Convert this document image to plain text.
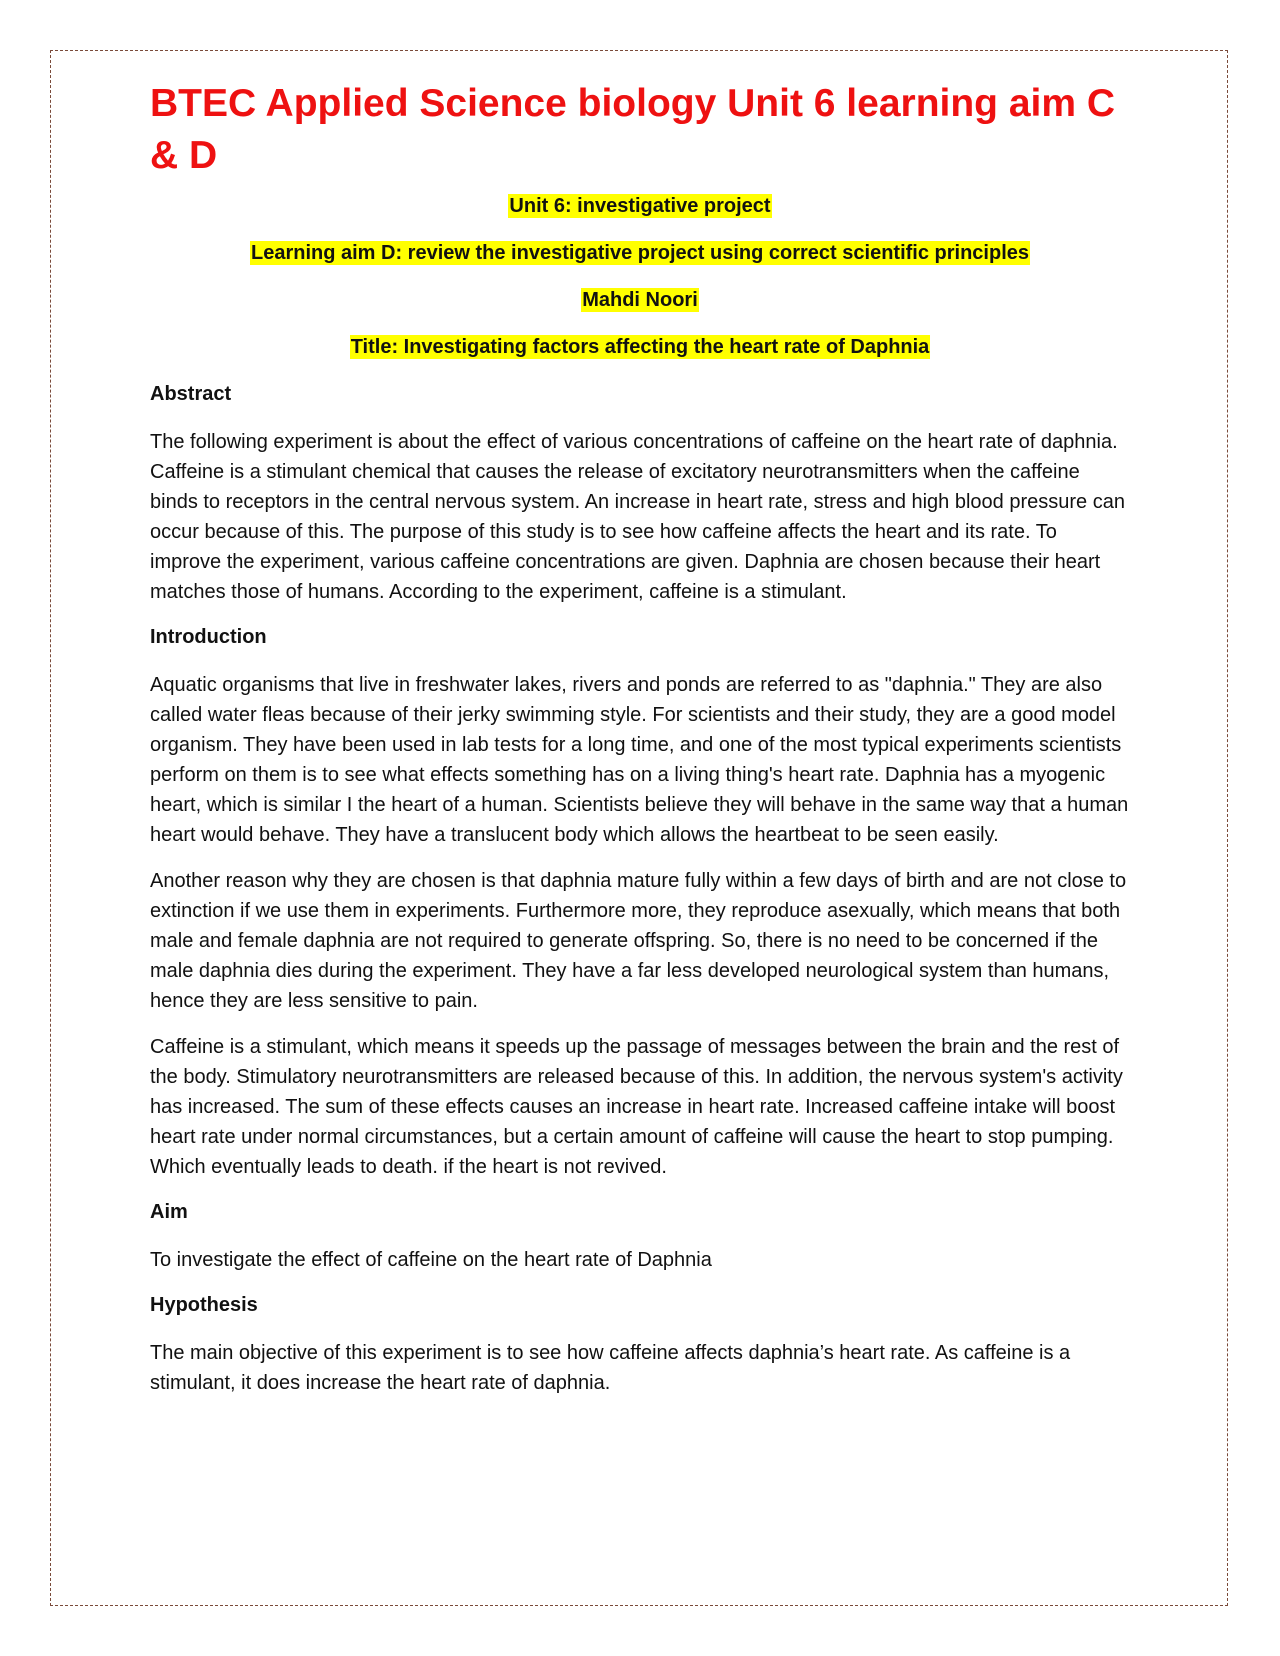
BTEC Applied Science biology Unit 6 learning aim C & D
Unit 6: investigative project
Learning aim D: review the investigative project using correct scientific principles
Mahdi Noori
Title: Investigating factors affecting the heart rate of Daphnia
Abstract

The following experiment is about the effect of various concentrations of caffeine on the heart rate of daphnia. Caffeine is a stimulant chemical that causes the release of excitatory neurotransmitters when the caffeine binds to receptors in the central nervous system. An increase in heart rate, stress and high blood pressure can occur because of this. The purpose of this study is to see how caffeine affects the heart and its rate. To improve the experiment, various caffeine concentrations are given. Daphnia are chosen because their heart matches those of humans. According to the experiment, caffeine is a stimulant.

Introduction

Aquatic organisms that live in freshwater lakes, rivers and ponds are referred to as "daphnia." They are also called water fleas because of their jerky swimming style. For scientists and their study, they are a good model organism. They have been used in lab tests for a long time, and one of the most typical experiments scientists perform on them is to see what effects something has on a living thing's heart rate. Daphnia has a myogenic heart, which is similar I the heart of a human. Scientists believe they will behave in the same way that a human heart would behave. They have a translucent body which allows the heartbeat to be seen easily.

Another reason why they are chosen is that daphnia mature fully within a few days of birth and are not close to extinction if we use them in experiments. Furthermore more, they reproduce asexually, which means that both male and female daphnia are not required to generate offspring. So, there is no need to be concerned if the male daphnia dies during the experiment. They have a far less developed neurological system than humans, hence they are less sensitive to pain.

Caffeine is a stimulant, which means it speeds up the passage of messages between the brain and the rest of the body. Stimulatory neurotransmitters are released because of this. In addition, the nervous system's activity has increased. The sum of these effects causes an increase in heart rate. Increased caffeine intake will boost heart rate under normal circumstances, but a certain amount of caffeine will cause the heart to stop pumping. Which eventually leads to death. if the heart is not revived.

Aim

To investigate the effect of caffeine on the heart rate of Daphnia

Hypothesis

The main objective of this experiment is to see how caffeine affects daphnia’s heart rate. As caffeine is a stimulant, it does increase the heart rate of daphnia.
